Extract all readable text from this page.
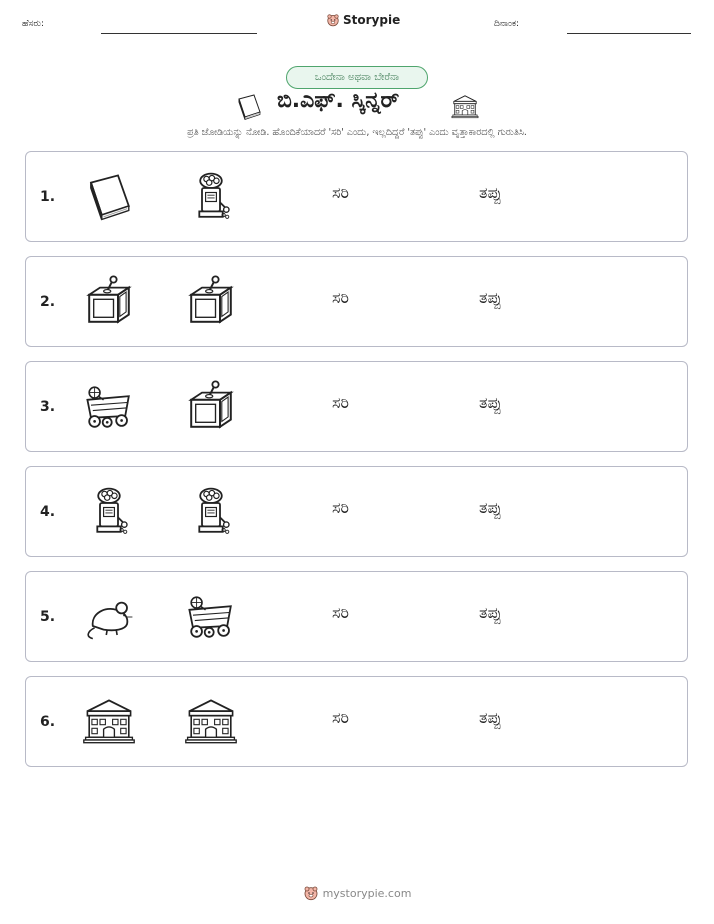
ಹೆಸರು:	Storypie	ದಿನಾಂಕ:
ಒಂದೇನಾ ಅಥವಾ ಬೇರೆನಾ
ಬಿ.ಎಫ್. ಸ್ಕಿನ್ನರ್
ಪ್ರತಿ ಜೋಡಿಯನ್ನು ನೋಡಿ. ಹೊಂದಿಕೆಯಾದರೆ 'ಸರಿ' ಎಂದು, ಇಲ್ಲದಿದ್ದರೆ 'ತಪ್ಪು' ಎಂದು ವೃತ್ತಾಕಾರದಲ್ಲಿ ಗುರುತಿಸಿ.
1.	ಸರಿ	ತಪ್ಪು
2.	ಸರಿ	ತಪ್ಪು
3.	ಸರಿ	ತಪ್ಪು
4.	ಸರಿ	ತಪ್ಪು
5.	ಸರಿ	ತಪ್ಪು
6.	ಸರಿ	ತಪ್ಪು
mystorypie.com
